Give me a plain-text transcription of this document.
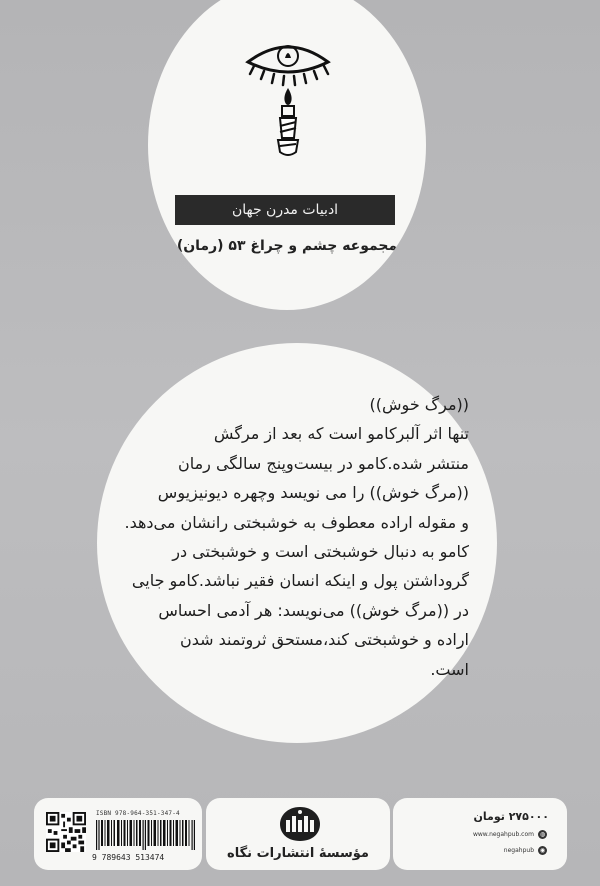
ادبیات مدرن جهان
مجموعه چشم و چراغ ۵۳ (رمان)

((مرگ خوش))

تنها اثر آلبرکامو است که بعد از مرگش

منتشر شده.کامو در بیست‌وپنج سالگی رمان

((مرگ خوش)) را می نویسد وچهره دیونیزیوس

و مقوله اراده معطوف به خوشبختی رانشان می‌دهد.

کامو به دنبال خوشبختی است و خوشبختی در

گروداشتن پول و اینکه انسان فقیر نباشد.کامو جایی

در ((مرگ خوش)) می‌نویسد: هر آدمی احساس

اراده و خوشبختی کند،مستحق ثروتمند شدن

است.

ISBN 978-964-351-347-4
9 789643 513474	مؤسسهٔ انتشارات نگاه
۲۷۵۰۰۰ تومان
www.negahpub.com ◍
negahpub ◉
